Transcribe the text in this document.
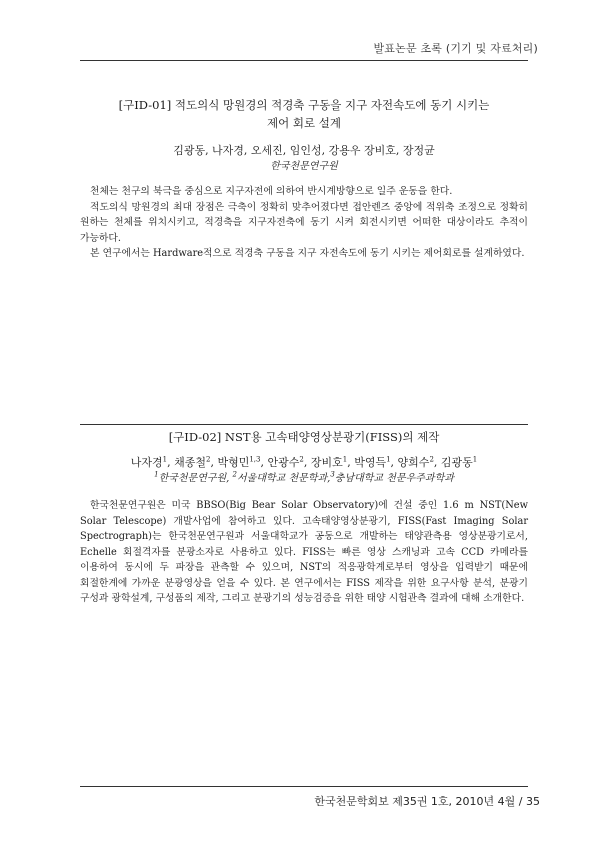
발표논문 초록 (기기 및 자료처리)
[구ID-01] 적도의식 망원경의 적경축 구동을 지구 자전속도에 동기 시키는
제어 회로 설계
김광동, 나자경, 오세진, 임인성, 강용우 장비호, 장정균
한국천문연구원

천체는 천구의 북극을 중심으로 지구자전에 의하여 반시계방향으로 일주 운동을 한다.

적도의식 망원경의 최대 장점은 극축이 정확히 맞추어졌다면 접안렌즈 중앙에 적위축 조정으로 정확히 원하는 천체를 위치시키고, 적경축을 지구자전축에 동기 시켜 회전시키면 어떠한 대상이라도 추적이 가능하다.

본 연구에서는 Hardware적으로 적경축 구동을 지구 자전속도에 동기 시키는 제어회로를 설계하였다.

[구ID-02] NST용 고속태양영상분광기(FISS)의 제작
나자경$^1$, 채종철$^2$, 박형민$^{1,3}$, 안광수$^2$, 장비호$^1$, 박영득$^1$, 양희수$^2$, 김광동$^1$
$^1$한국천문연구원, $^2$서울대학교 천문학과,$^3$충남대학교 천문우주과학과

한국천문연구원은 미국 BBSO(Big Bear Solar Observatory)에 건설 중인 1.6 m NST(New Solar Telescope) 개발사업에 참여하고 있다. 고속태양영상분광기, FISS(Fast Imaging Solar Spectrograph)는 한국천문연구원과 서울대학교가 공동으로 개발하는 태양관측용 영상분광기로서, Echelle 회절격자를 분광소자로 사용하고 있다. FISS는 빠른 영상 스캐닝과 고속 CCD 카메라를 이용하여 동시에 두 파장을 관측할 수 있으며, NST의 적응광학계로부터 영상을 입력받기 때문에 회절한계에 가까운 분광영상을 얻을 수 있다. 본 연구에서는 FISS 제작을 위한 요구사항 분석, 분광기 구성과 광학설계, 구성품의 제작, 그리고 분광기의 성능검증을 위한 태양 시험관측 결과에 대해 소개한다.

한국천문학회보 제35권 1호, 2010년 4월 / 35
